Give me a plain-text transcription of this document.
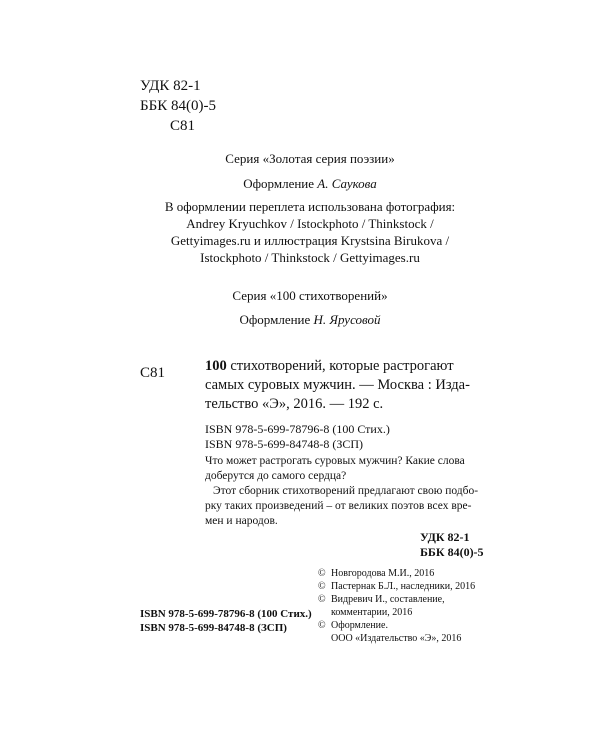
УДК 82-1
ББК 84(0)-5
С81
Серия «Золотая серия поэзии»
Оформление А. Саукова
В оформлении переплета использована фотография:
Andrey Kryuchkov / Istockphoto / Thinkstock /
Gettyimages.ru и иллюстрация Krystsina Birukova /
Istockphoto / Thinkstock / Gettyimages.ru
Серия «100 стихотворений»
Оформление Н. Ярусовой
С81	100 стихотворений, которые растрогают
самых суровых мужчин. — Москва : Изда-
тельство «Э», 2016. — 192 с.
ISBN 978-5-699-78796-8 (100 Стих.)
ISBN 978-5-699-84748-8 (ЗСП)
Что может растрогать суровых мужчин? Какие слова
доберутся до самого сердца?
Этот сборник стихотворений предлагают свою подбо-
рку таких произведений – от великих поэтов всех вре-
мен и народов.
УДК 82-1
ББК 84(0)-5
© Новгородова М.И., 2016
© Пастернак Б.Л., наследники, 2016
© Видревич И., составление,
комментарии, 2016
© Оформление.
ООО «Издательство «Э», 2016
ISBN 978-5-699-78796-8 (100 Стих.)
ISBN 978-5-699-84748-8 (ЗСП)
